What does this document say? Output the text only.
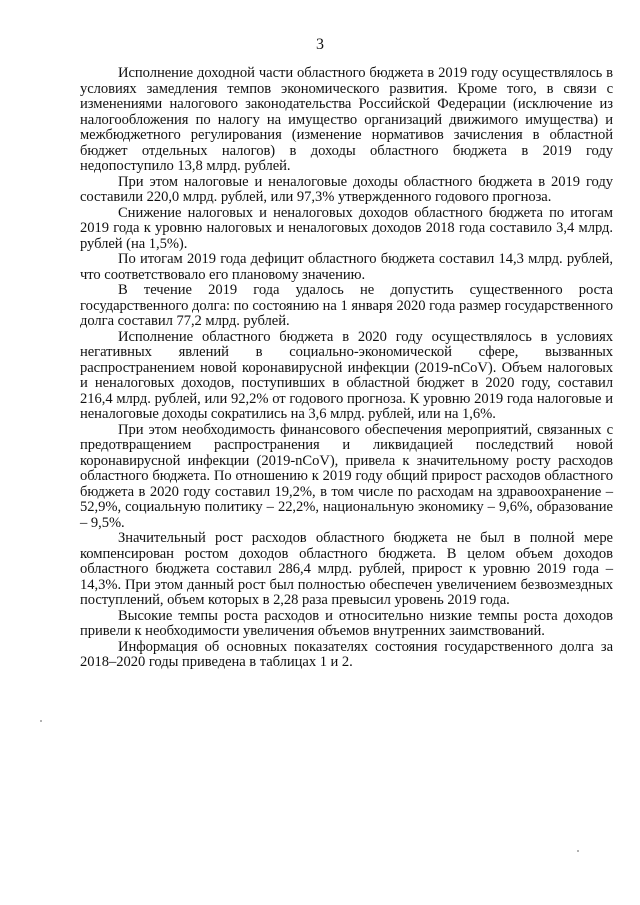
3

Исполнение доходной части областного бюджета в 2019 году осуществлялось в условиях замедления темпов экономического развития. Кроме того, в связи с изменениями налогового законодательства Российской Федерации (исключение из налогообложения по налогу на имущество организаций движимого имущества) и межбюджетного регулирования (изменение нормативов зачисления в областной бюджет отдельных налогов) в доходы областного бюджета в 2019 году недопоступило 13,8 млрд. рублей.

При этом налоговые и неналоговые доходы областного бюджета в 2019 году составили 220,0 млрд. рублей, или 97,3% утвержденного годового прогноза.

Снижение налоговых и неналоговых доходов областного бюджета по итогам 2019 года к уровню налоговых и неналоговых доходов 2018 года составило 3,4 млрд. рублей (на 1,5%).

По итогам 2019 года дефицит областного бюджета составил 14,3 млрд. рублей, что соответствовало его плановому значению.

В течение 2019 года удалось не допустить существенного роста государственного долга: по состоянию на 1 января 2020 года размер государственного долга составил 77,2 млрд. рублей.

Исполнение областного бюджета в 2020 году осуществлялось в условиях негативных явлений в социально-экономической сфере, вызванных распространением новой коронавирусной инфекции (2019-nCoV). Объем налоговых и неналоговых доходов, поступивших в областной бюджет в 2020 году, составил 216,4 млрд. рублей, или 92,2% от годового прогноза. К уровню 2019 года налоговые и неналоговые доходы сократились на 3,6 млрд. рублей, или на 1,6%.

При этом необходимость финансового обеспечения мероприятий, связанных с предотвращением распространения и ликвидацией последствий новой коронавирусной инфекции (2019-nCoV), привела к значительному росту расходов областного бюджета. По отношению к 2019 году общий прирост расходов областного бюджета в 2020 году составил 19,2%, в том числе по расходам на здравоохранение – 52,9%, социальную политику – 22,2%, национальную экономику – 9,6%, образование – 9,5%.

Значительный рост расходов областного бюджета не был в полной мере компенсирован ростом доходов областного бюджета. В целом объем доходов областного бюджета составил 286,4 млрд. рублей, прирост к уровню 2019 года – 14,3%. При этом данный рост был полностью обеспечен увеличением безвозмездных поступлений, объем которых в 2,28 раза превысил уровень 2019 года.

Высокие темпы роста расходов и относительно низкие темпы роста доходов привели к необходимости увеличения объемов внутренних заимствований.

Информация об основных показателях состояния государственного долга за 2018–2020 годы приведена в таблицах 1 и 2.
